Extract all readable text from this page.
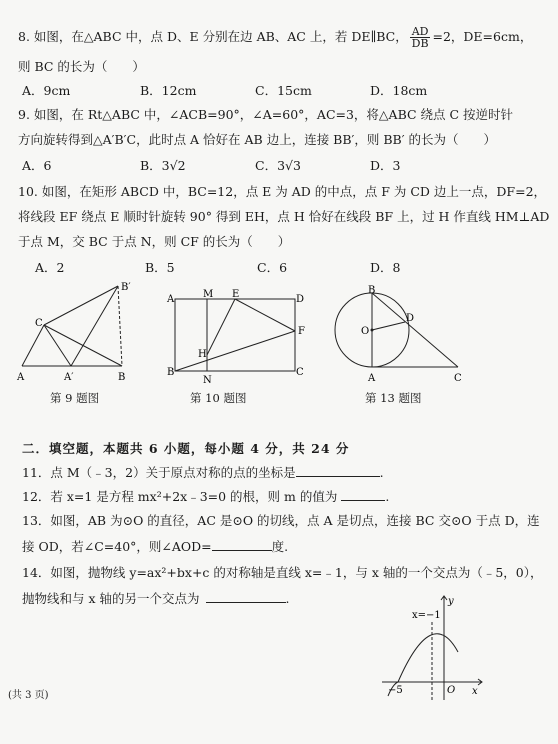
8. 如图，在△ABC 中，点 D、E 分别在边 AB、AC 上，若 DE∥BC， $\frac{AD}{DB} =2$，DE=6cm，
则 BC 的长为（　　）
A．9cm	B．12cm	C．15cm	D．18cm
9. 如图，在 Rt△ABC 中，∠ACB=90°，∠A=60°，AC=3，将△ABC 绕点 C 按逆时针
方向旋转得到△A′B′C，此时点 A 恰好在 AB 边上，连接 BB′，则 BB′ 的长为（　　）
A．6	B．3√2	C．3√3	D．3
10. 如图，在矩形 ABCD 中，BC=12，点 E 为 AD 的中点，点 F 为 CD 边上一点，DF=2，
将线段 EF 绕点 E 顺时针旋转 90° 得到 EH，点 H 恰好在线段 BF 上，过 H 作直线 HM⊥AD
于点 M，交 BC 于点 N，则 CF 的长为（　　）
A．2	B．5	C．6	D．8
A	A′	B
B′
C
第 9 题图
A	M E	D
F
H
B
N
C
第 10 题图
B
O
D
A	C
第 13 题图
二．填空题，本题共 6 小题，每小题 4 分，共 24 分
11．点 M（﹣3，2）关于原点对称的点的坐标是	.
12．若 x=1 是方程 mx²+2x﹣3=0 的根，则 m 的值为	.
13．如图，AB 为⊙O 的直径，AC 是⊙O 的切线，点 A 是切点，连接 BC 交⊙O 于点 D，连
接 OD，若∠C=40°，则∠AOD=	度.
14．如图，抛物线 y=ax²+bx+c 的对称轴是直线 x=﹣1，与 x 轴的一个交点为（﹣5，0），
抛物线和与 x 轴的另一个交点为	.	y
x
x=−1
−5	O
(共 3 页)
